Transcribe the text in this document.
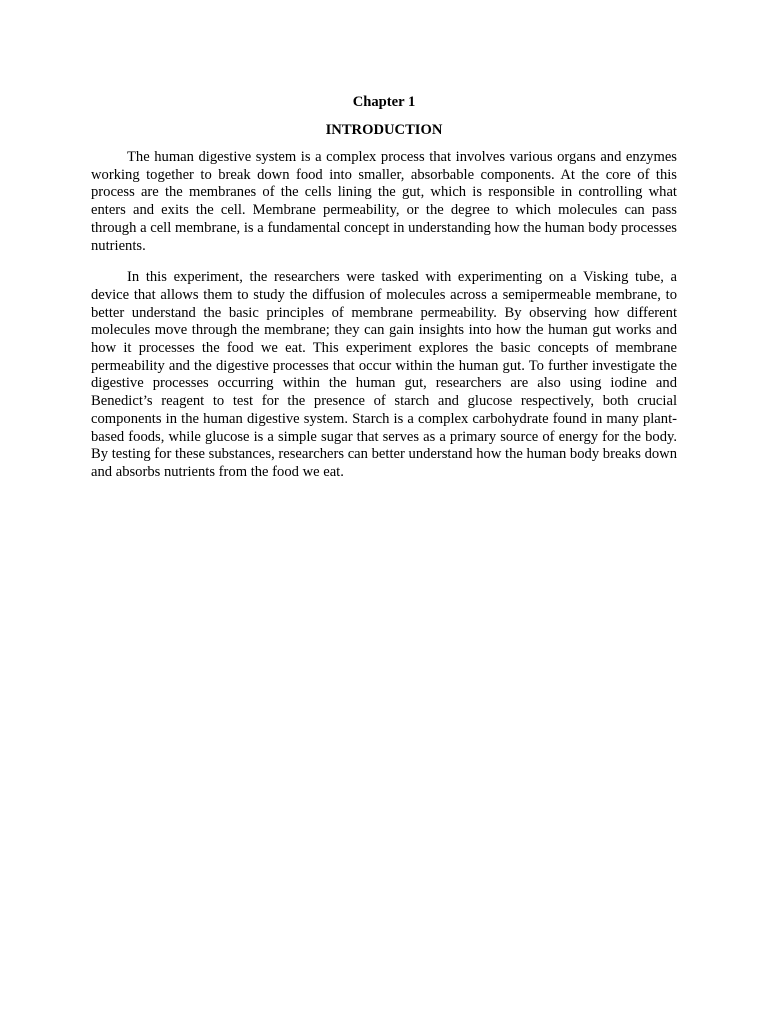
Chapter 1
INTRODUCTION

The human digestive system is a complex process that involves various organs and enzymes working together to break down food into smaller, absorbable components. At the core of this process are the membranes of the cells lining the gut, which is responsible in controlling what enters and exits the cell. Membrane permeability, or the degree to which molecules can pass through a cell membrane, is a fundamental concept in understanding how the human body processes nutrients.

In this experiment, the researchers were tasked with experimenting on a Visking tube, a device that allows them to study the diffusion of molecules across a semipermeable membrane, to better understand the basic principles of membrane permeability. By observing how different molecules move through the membrane; they can gain insights into how the human gut works and how it processes the food we eat. This experiment explores the basic concepts of membrane permeability and the digestive processes that occur within the human gut. To further investigate the digestive processes occurring within the human gut, researchers are also using iodine and Benedict’s reagent to test for the presence of starch and glucose respectively, both crucial components in the human digestive system. Starch is a complex carbohydrate found in many plant-based foods, while glucose is a simple sugar that serves as a primary source of energy for the body. By testing for these substances, researchers can better understand how the human body breaks down and absorbs nutrients from the food we eat.
